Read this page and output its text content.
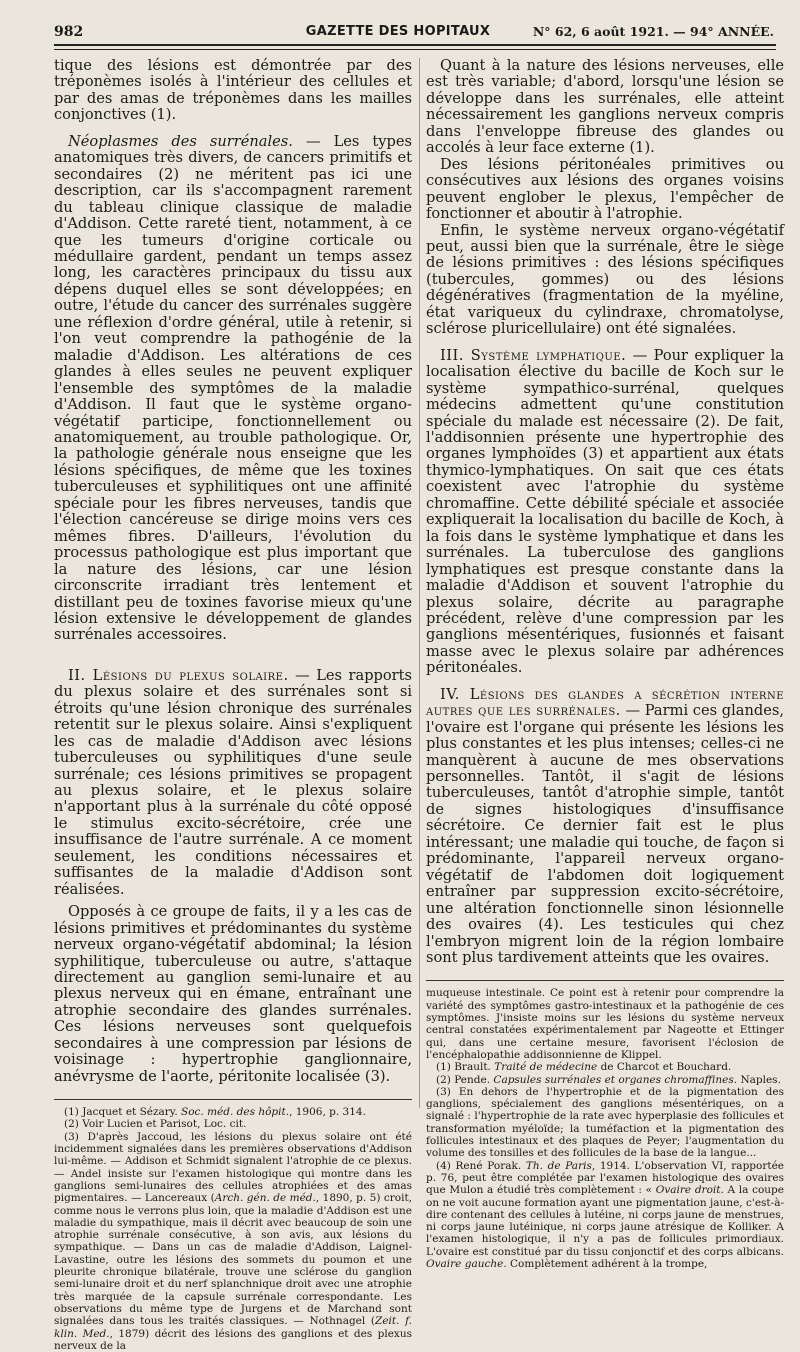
982	GAZETTE DES HOPITAUX	N° 62, 6 août 1921. — 94° ANNÉE.

tique des lésions est démontrée par des tréponèmes isolés à l'intérieur des cellules et par des amas de tréponèmes dans les mailles conjonctives (1).

Néoplasmes des surrénales. — Les types anatomiques très divers, de cancers primitifs et secondaires (2) ne méritent pas ici une description, car ils s'accompagnent rarement du tableau clinique classique de maladie d'Addison. Cette rareté tient, notamment, à ce que les tumeurs d'origine corticale ou médullaire gardent, pendant un temps assez long, les caractères principaux du tissu aux dépens duquel elles se sont développées; en outre, l'étude du cancer des surrénales suggère une réflexion d'ordre général, utile à retenir, si l'on veut comprendre la pathogénie de la maladie d'Addison. Les altérations de ces glandes à elles seules ne peuvent expliquer l'ensemble des symptômes de la maladie d'Addison. Il faut que le système organo-végétatif participe, fonctionnellement ou anatomiquement, au trouble pathologique. Or, la pathologie générale nous enseigne que les lésions spécifiques, de même que les toxines tuberculeuses et syphilitiques ont une affinité spéciale pour les fibres nerveuses, tandis que l'élection cancéreuse se dirige moins vers ces mêmes fibres. D'ailleurs, l'évolution du processus pathologique est plus important que la nature des lésions, car une lésion circonscrite irradiant très lentement et distillant peu de toxines favorise mieux qu'une lésion extensive le développement de glandes surrénales accessoires.

II. Lésions du plexus solaire. — Les rapports du plexus solaire et des surrénales sont si étroits qu'une lésion chronique des surrénales retentit sur le plexus solaire. Ainsi s'expliquent les cas de maladie d'Addison avec lésions tuberculeuses ou syphilitiques d'une seule surrénale; ces lésions primitives se propagent au plexus solaire, et le plexus solaire n'apportant plus à la surrénale du côté opposé le stimulus excito-sécrétoire, crée une insuffisance de l'autre surrénale. A ce moment seulement, les conditions nécessaires et suffisantes de la maladie d'Addison sont réalisées.

Opposés à ce groupe de faits, il y a les cas de lésions primitives et prédominantes du système nerveux organo-végétatif abdominal; la lésion syphilitique, tuberculeuse ou autre, s'attaque directement au ganglion semi-lunaire et au plexus nerveux qui en émane, entraînant une atrophie secondaire des glandes surrénales. Ces lésions nerveuses sont quelquefois secondaires à une compression par lésions de voisinage : hypertrophie ganglionnaire, anévrysme de l'aorte, péritonite localisée (3).

(1) Jacquet et Sézary. Soc. méd. des hôpit., 1906, p. 314.

(2) Voir Lucien et Parisot, Loc. cit.

(3) D'après Jaccoud, les lésions du plexus solaire ont été incidemment signalées dans les premières observations d'Addison lui-même. — Addison et Schmidt signalent l'atrophie de ce plexus. — Andel insiste sur l'examen histologique qui montre dans les ganglions semi-lunaires des cellules atrophiées et des amas pigmentaires. — Lancereaux (Arch. gén. de méd., 1890, p. 5) croit, comme nous le verrons plus loin, que la maladie d'Addison est une maladie du sympathique, mais il décrit avec beaucoup de soin une atrophie surrénale consécutive, à son avis, aux lésions du sympathique. — Dans un cas de maladie d'Addison, Laignel-Lavastine, outre les lésions des sommets du poumon et une pleurite chronique bilatérale, trouve une sclérose du ganglion semi-lunaire droit et du nerf splanchnique droit avec une atrophie très marquée de la capsule surrénale correspondante. Les observations du même type de Jurgens et de Marchand sont signalées dans tous les traités classiques. — Nothnagel (Zeit. f. klin. Med., 1879) décrit des lésions des ganglions et des plexus nerveux de la

Quant à la nature des lésions nerveuses, elle est très variable; d'abord, lorsqu'une lésion se développe dans les surrénales, elle atteint nécessairement les ganglions nerveux compris dans l'enveloppe fibreuse des glandes ou accolés à leur face externe (1).

Des lésions péritonéales primitives ou consécutives aux lésions des organes voisins peuvent englober le plexus, l'empêcher de fonctionner et aboutir à l'atrophie.

Enfin, le système nerveux organo-végétatif peut, aussi bien que la surrénale, être le siège de lésions primitives : des lésions spécifiques (tubercules, gommes) ou des lésions dégénératives (fragmentation de la myéline, état variqueux du cylindraxe, chromatolyse, sclérose pluricellulaire) ont été signalées.

III. Système lymphatique. — Pour expliquer la localisation élective du bacille de Koch sur le système sympathico-surrénal, quelques médecins admettent qu'une constitution spéciale du malade est nécessaire (2). De fait, l'addisonnien présente une hypertrophie des organes lymphoïdes (3) et appartient aux états thymico-lymphatiques. On sait que ces états coexistent avec l'atrophie du système chromaffine. Cette débilité spéciale et associée expliquerait la localisation du bacille de Koch, à la fois dans le système lymphatique et dans les surrénales. La tuberculose des ganglions lymphatiques est presque constante dans la maladie d'Addison et souvent l'atrophie du plexus solaire, décrite au paragraphe précédent, relève d'une compression par les ganglions mésentériques, fusionnés et faisant masse avec le plexus solaire par adhérences péritonéales.

IV. Lésions des glandes a sécrétion interne autres que les surrénales. — Parmi ces glandes, l'ovaire est l'organe qui présente les lésions les plus constantes et les plus intenses; celles-ci ne manquèrent à aucune de mes observations personnelles. Tantôt, il s'agit de lésions tuberculeuses, tantôt d'atrophie simple, tantôt de signes histologiques d'insuffisance sécrétoire. Ce dernier fait est le plus intéressant; une maladie qui touche, de façon si prédominante, l'appareil nerveux organo-végétatif de l'abdomen doit logiquement entraîner par suppression excito-sécrétoire, une altération fonctionnelle sinon lésionnelle des ovaires (4). Les testicules qui chez l'embryon migrent loin de la région lombaire sont plus tardivement atteints que les ovaires.

muqueuse intestinale. Ce point est à retenir pour comprendre la variété des symptômes gastro-intestinaux et la pathogénie de ces symptômes. J'insiste moins sur les lésions du système nerveux central constatées expérimentalement par Nageotte et Ettinger qui, dans une certaine mesure, favorisent l'éclosion de l'encéphalopathie addisonnienne de Klippel.

(1) Brault. Traité de médecine de Charcot et Bouchard.

(2) Pende. Capsules surrénales et organes chromaffines. Naples.

(3) En dehors de l'hypertrophie et de la pigmentation des ganglions, spécialement des ganglions mésentériques, on a signalé : l'hypertrophie de la rate avec hyperplasie des follicules et transformation myéloïde; la tuméfaction et la pigmentation des follicules intestinaux et des plaques de Peyer; l'augmentation du volume des tonsilles et des follicules de la base de la langue...

(4) René Porak. Th. de Paris, 1914. L'observation VI, rapportée p. 76, peut être complétée par l'examen histologique des ovaires que Mulon a étudié très complètement : « Ovaire droit. A la coupe on ne voit aucune formation ayant une pigmentation jaune, c'est-à-dire contenant des cellules à lutéine, ni corps jaune de menstrues, ni corps jaune lutéinique, ni corps jaune atrésique de Kolliker. A l'examen histologique, il n'y a pas de follicules primordiaux. L'ovaire est constitué par du tissu conjonctif et des corps albicans. Ovaire gauche. Complètement adhérent à la trompe,
